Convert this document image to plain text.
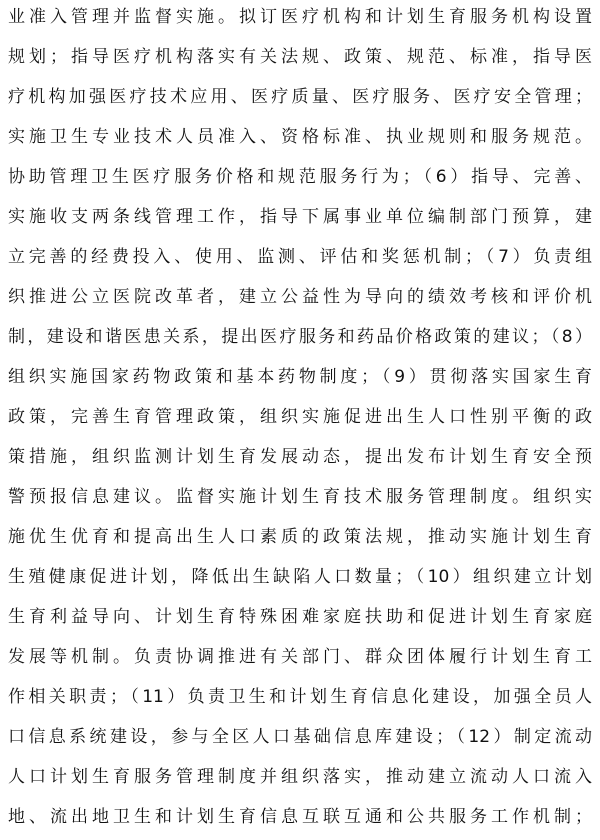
业准入管理并监督实施。拟订医疗机构和计划生育服务机构设置
规划；指导医疗机构落实有关法规、政策、规范、标准，指导医
疗机构加强医疗技术应用、医疗质量、医疗服务、医疗安全管理；
实施卫生专业技术人员准入、资格标准、执业规则和服务规范。
协助管理卫生医疗服务价格和规范服务行为；（6）指导、完善、
实施收支两条线管理工作，指导下属事业单位编制部门预算，建
立完善的经费投入、使用、监测、评估和奖惩机制；（7）负责组
织推进公立医院改革者，建立公益性为导向的绩效考核和评价机
制，建设和谐医患关系，提出医疗服务和药品价格政策的建议；（8）
组织实施国家药物政策和基本药物制度；（9）贯彻落实国家生育
政策，完善生育管理政策，组织实施促进出生人口性别平衡的政
策措施，组织监测计划生育发展动态，提出发布计划生育安全预
警预报信息建议。监督实施计划生育技术服务管理制度。组织实
施优生优育和提高出生人口素质的政策法规，推动实施计划生育
生殖健康促进计划，降低出生缺陷人口数量；（10）组织建立计划
生育利益导向、计划生育特殊困难家庭扶助和促进计划生育家庭
发展等机制。负责协调推进有关部门、群众团体履行计划生育工
作相关职责；（11）负责卫生和计划生育信息化建设，加强全员人
口信息系统建设，参与全区人口基础信息库建设；（12）制定流动
人口计划生育服务管理制度并组织落实，推动建立流动人口流入
地、流出地卫生和计划生育信息互联互通和公共服务工作机制；
